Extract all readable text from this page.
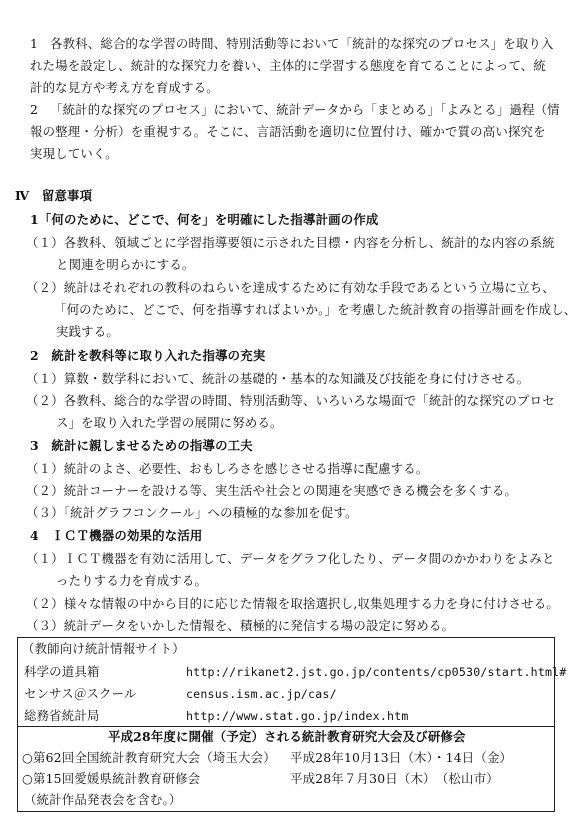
1 各教科、総合的な学習の時間、特別活動等において「統計的な探究のプロセス」を取り入
れた場を設定し、統計的な探究力を養い、主体的に学習する態度を育てることによって、統
計的な見方や考え方を育成する。
2 「統計的な探究のプロセス」において、統計データから「まとめる」「よみとる」過程（情
報の整理・分析）を重視する。そこに、言語活動を適切に位置付け、確かで質の高い探究を
実現していく。
Ⅳ　留意事項
1「何のために、どこで、何を」を明確にした指導計画の作成
（１）各教科、領域ごとに学習指導要領に示された目標・内容を分析し、統計的な内容の系統
と関連を明らかにする。
（２）統計はそれぞれの教科のねらいを達成するために有効な手段であるという立場に立ち、
「何のために、どこで、何を指導すればよいか。」を考慮した統計教育の指導計画を作成し、
実践する。
2　統計を教科等に取り入れた指導の充実
（１）算数・数学科において、統計の基礎的・基本的な知識及び技能を身に付けさせる。
（２）各教科、総合的な学習の時間、特別活動等、いろいろな場面で「統計的な探究のプロセ
ス」を取り入れた学習の展開に努める。
3　統計に親しませるための指導の工夫
（１）統計のよさ、必要性、おもしろさを感じさせる指導に配慮する。
（２）統計コーナーを設ける等、実生活や社会との関連を実感できる機会を多くする。
（３）「統計グラフコンクール」への積極的な参加を促す。
4　ＩＣＴ機器の効果的な活用
（１）ＩＣＴ機器を有効に活用して、データをグラフ化したり、データ間のかかわりをよみと
ったりする力を育成する。
（２）様々な情報の中から目的に応じた情報を取捨選択し,収集処理する力を身に付けさせる。
（３）統計データをいかした情報を、積極的に発信する場の設定に努める。
（教師向け統計情報サイト）
科学の道具箱	http://rikanet2.jst.go.jp/contents/cp0530/start.html#
センサス＠スクール	census.ism.ac.jp/cas/
総務省統計局	http://www.stat.go.jp/index.htm
平成28年度に開催（予定）される統計教育研究大会及び研修会
○第62回全国統計教育研究大会（埼玉大会） 平成28年10月13日（木）・14日（金）
○第15回愛媛県統計教育研修会	平成28年７月30日（木）　（松山市）
（統計作品発表会を含む。）
